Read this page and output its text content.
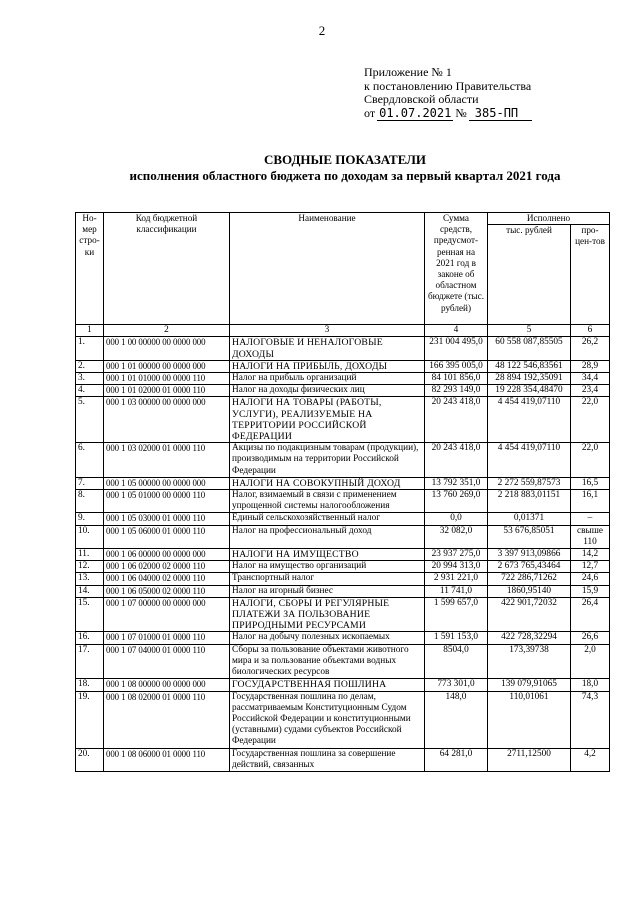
2
Приложение № 1
к постановлению Правительства
Свердловской области
от 01.07.2021 № 385-ПП
СВОДНЫЕ ПОКАЗАТЕЛИ
исполнения областного бюджета по доходам за первый квартал 2021 года
Но-мер стро-ки	Код бюджетной классификации	Наименование	Сумма средств, предусмот-ренная на 2021 год в законе об областном бюджете (тыс. рублей)	Исполнено	
				тыс. рублей	про-цен-тов
1	2	3	4	5	6
1.	000 1 00 00000 00 0000 000	НАЛОГОВЫЕ И НЕНАЛОГОВЫЕ ДОХОДЫ	231 004 495,0	60 558 087,85505	26,2
2.	000 1 01 00000 00 0000 000	НАЛОГИ НА ПРИБЫЛЬ, ДОХОДЫ	166 395 005,0	48 122 546,83561	28,9
3.	000 1 01 01000 00 0000 110	Налог на прибыль организаций	84 101 856,0	28 894 192,35091	34,4
4.	000 1 01 02000 01 0000 110	Налог на доходы физических лиц	82 293 149,0	19 228 354,48470	23,4
5.	000 1 03 00000 00 0000 000	НАЛОГИ НА ТОВАРЫ (РАБОТЫ, УСЛУГИ), РЕАЛИЗУЕМЫЕ НА ТЕРРИТОРИИ РОССИЙСКОЙ ФЕДЕРАЦИИ	20 243 418,0	4 454 419,07110	22,0
6.	000 1 03 02000 01 0000 110	Акцизы по подакцизным товарам (продукции), производимым на территории Российской Федерации	20 243 418,0	4 454 419,07110	22,0
7.	000 1 05 00000 00 0000 000	НАЛОГИ НА СОВОКУПНЫЙ ДОХОД	13 792 351,0	2 272 559,87573	16,5
8.	000 1 05 01000 00 0000 110	Налог, взимаемый в связи с применением упрощенной системы налогообложения	13 760 269,0	2 218 883,01151	16,1
9.	000 1 05 03000 01 0000 110	Единый сельскохозяйственный налог	0,0	0,01371	–
10.	000 1 05 06000 01 0000 110	Налог на профессиональный доход	32 082,0	53 676,85051	свыше 110
11.	000 1 06 00000 00 0000 000	НАЛОГИ НА ИМУЩЕСТВО	23 937 275,0	3 397 913,09866	14,2
12.	000 1 06 02000 02 0000 110	Налог на имущество организаций	20 994 313,0	2 673 765,43464	12,7
13.	000 1 06 04000 02 0000 110	Транспортный налог	2 931 221,0	722 286,71262	24,6
14.	000 1 06 05000 02 0000 110	Налог на игорный бизнес	11 741,0	1860,95140	15,9
15.	000 1 07 00000 00 0000 000	НАЛОГИ, СБОРЫ И РЕГУЛЯРНЫЕ ПЛАТЕЖИ ЗА ПОЛЬЗОВАНИЕ ПРИРОДНЫМИ РЕСУРСАМИ	1 599 657,0	422 901,72032	26,4
16.	000 1 07 01000 01 0000 110	Налог на добычу полезных ископаемых	1 591 153,0	422 728,32294	26,6
17.	000 1 07 04000 01 0000 110	Сборы за пользование объектами животного мира и за пользование объектами водных биологических ресурсов	8504,0	173,39738	2,0
18.	000 1 08 00000 00 0000 000	ГОСУДАРСТВЕННАЯ ПОШЛИНА	773 301,0	139 079,91065	18,0
19.	000 1 08 02000 01 0000 110	Государственная пошлина по делам, рассматриваемым Конституционным Судом Российской Федерации и конституционными (уставными) судами субъектов Российской Федерации	148,0	110,01061	74,3
20.	000 1 08 06000 01 0000 110	Государственная пошлина за совершение действий, связанных	64 281,0	2711,12500	4,2
